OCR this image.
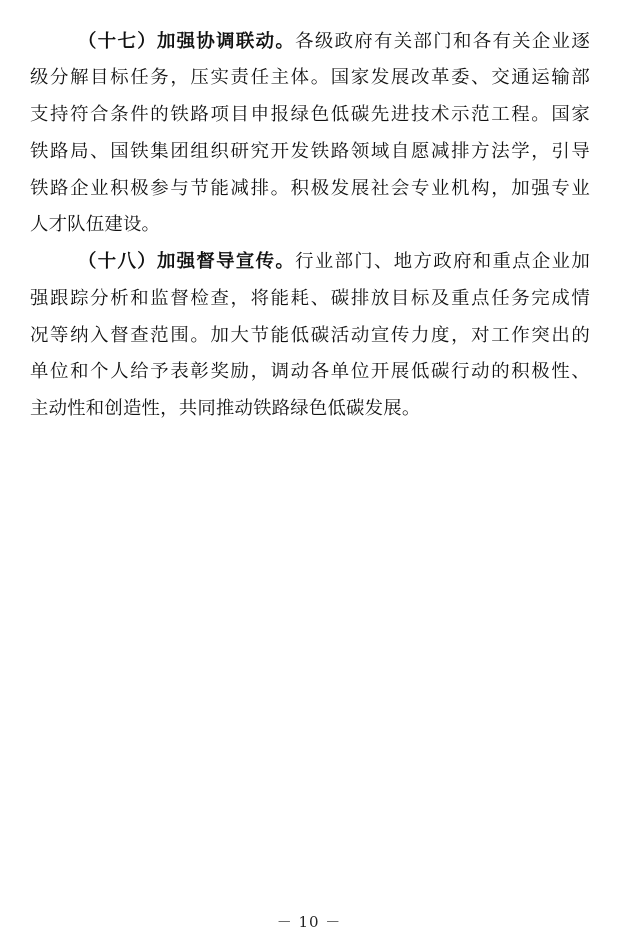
（十七）加强协调联动。各级政府有关部门和各有关企业逐
级分解目标任务，压实责任主体。国家发展改革委、交通运输部
支持符合条件的铁路项目申报绿色低碳先进技术示范工程。国家
铁路局、国铁集团组织研究开发铁路领域自愿减排方法学，引导
铁路企业积极参与节能减排。积极发展社会专业机构，加强专业
人才队伍建设。
（十八）加强督导宣传。行业部门、地方政府和重点企业加
强跟踪分析和监督检查，将能耗、碳排放目标及重点任务完成情
况等纳入督查范围。加大节能低碳活动宣传力度，对工作突出的
单位和个人给予表彰奖励，调动各单位开展低碳行动的积极性、
主动性和创造性，共同推动铁路绿色低碳发展。
－ 10 －
